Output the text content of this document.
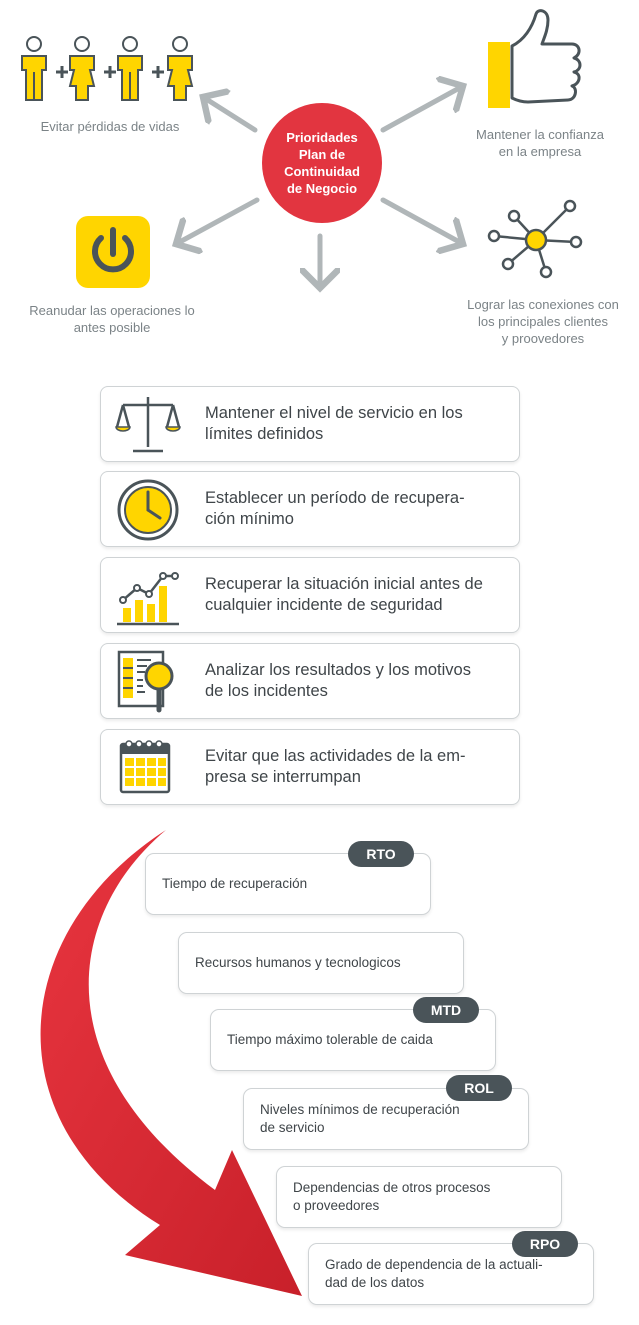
Prioridades
Plan de
Continuidad
de Negocio
Evitar pérdidas de vidas
Mantener la confianza
en la empresa
Reanudar las operaciones lo
antes posible
Lograr las conexiones con
los principales clientes
y proovedores
Mantener el nivel de servicio en los
límites definidos
Establecer un período de recupera-
ción mínimo
Recuperar la situación inicial antes de
cualquier incidente de seguridad
Analizar los resultados y los motivos
de los incidentes
Evitar que las actividades de la em-
presa se interrumpan
Tiempo de recuperación
RTO
Recursos humanos y tecnologicos
Tiempo máximo tolerable de caida
MTD
Niveles mínimos de recuperación
de servicio
ROL
Dependencias de otros procesos
o proveedores
Grado de dependencia de la actuali-
dad de los datos
RPO
